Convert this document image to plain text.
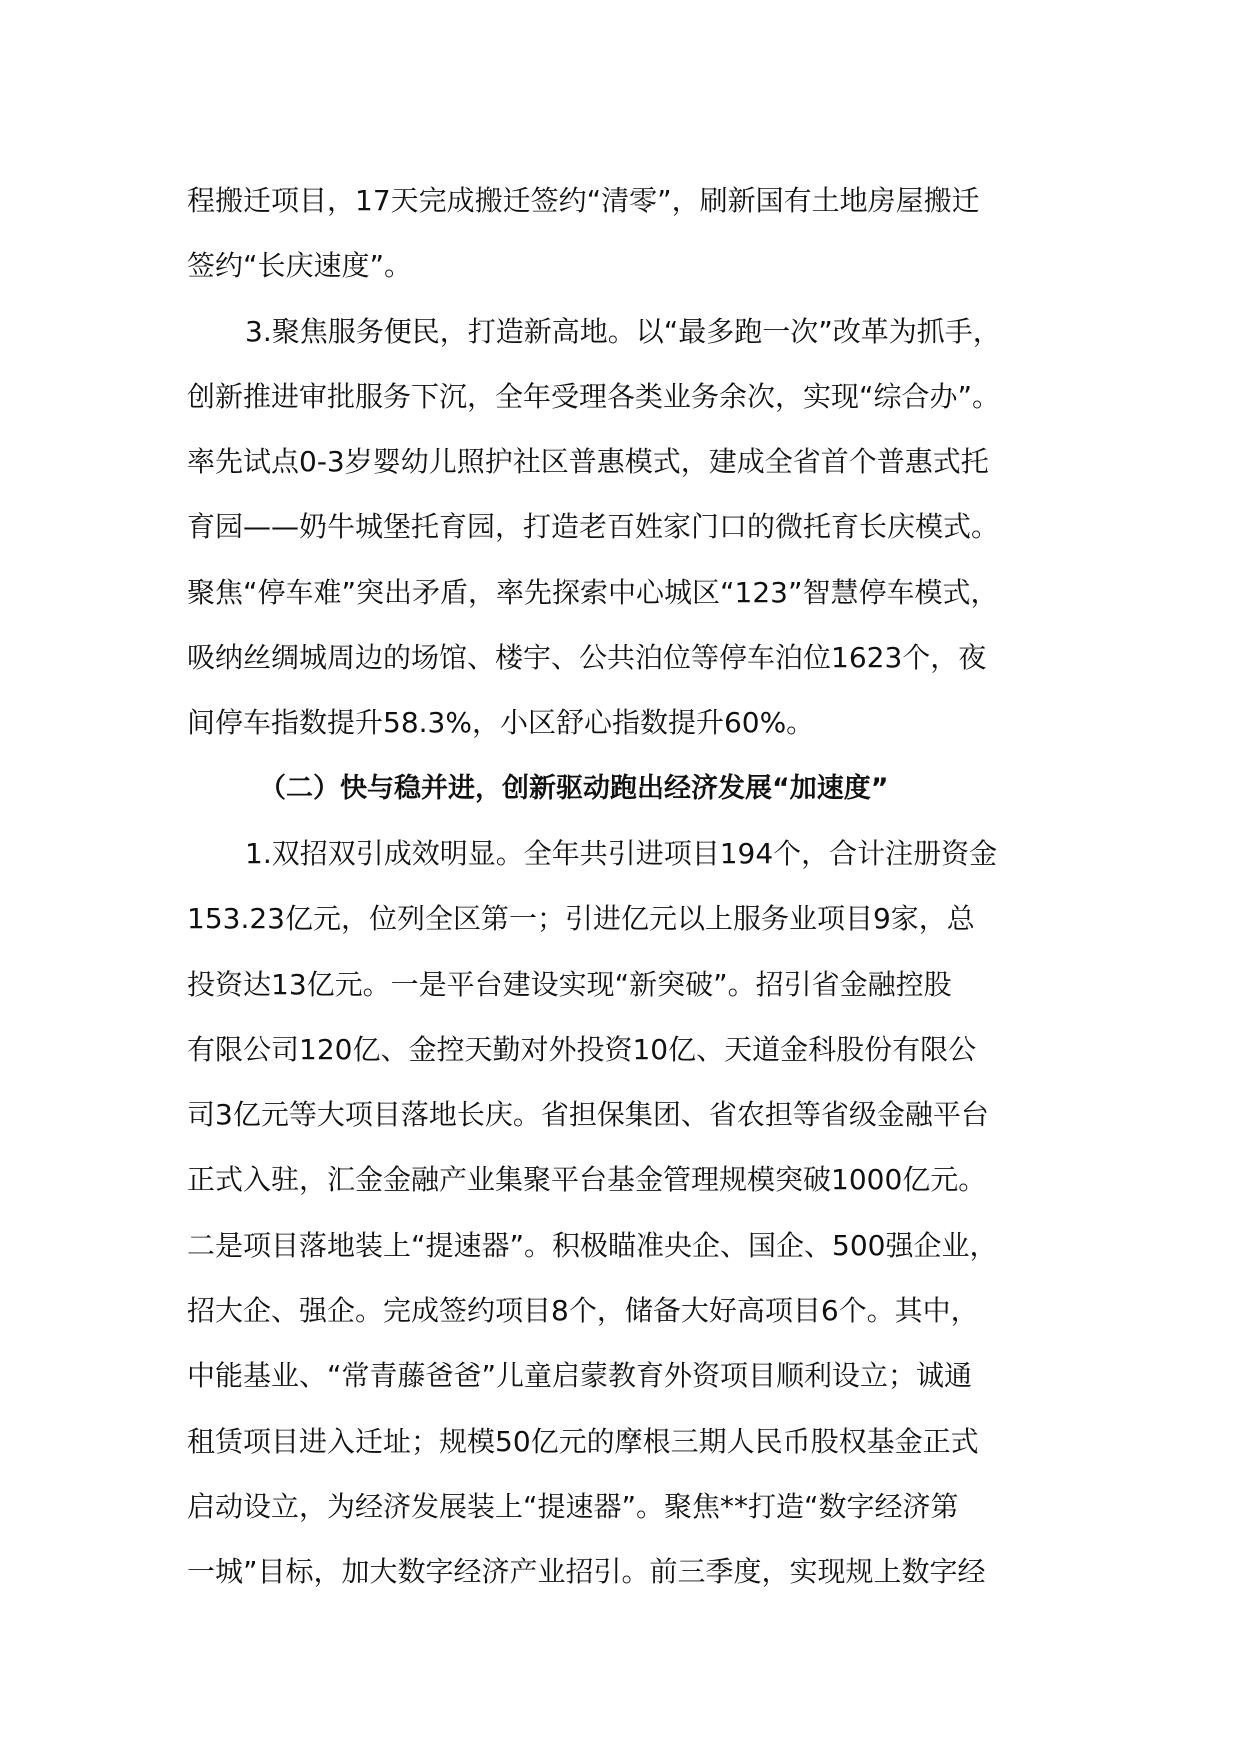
程搬迁项目，17天完成搬迁签约“清零”，刷新国有土地房屋搬迁
签约“长庆速度”。
3.聚焦服务便民，打造新高地。以“最多跑一次”改革为抓手，
创新推进审批服务下沉，全年受理各类业务余次，实现“综合办”。
率先试点0-3岁婴幼儿照护社区普惠模式，建成全省首个普惠式托
育园——奶牛城堡托育园，打造老百姓家门口的微托育长庆模式。
聚焦“停车难”突出矛盾，率先探索中心城区“123”智慧停车模式，
吸纳丝绸城周边的场馆、楼宇、公共泊位等停车泊位1623个，夜
间停车指数提升58.3%，小区舒心指数提升60%。
（二）快与稳并进，创新驱动跑出经济发展“加速度”
1.双招双引成效明显。全年共引进项目194个，合计注册资金
153.23亿元，位列全区第一；引进亿元以上服务业项目9家，总
投资达13亿元。一是平台建设实现“新突破”。招引省金融控股
有限公司120亿、金控天勤对外投资10亿、天道金科股份有限公
司3亿元等大项目落地长庆。省担保集团、省农担等省级金融平台
正式入驻，汇金金融产业集聚平台基金管理规模突破1000亿元。
二是项目落地装上“提速器”。积极瞄准央企、国企、500强企业，
招大企、强企。完成签约项目8个，储备大好高项目6个。其中，
中能基业、“常青藤爸爸”儿童启蒙教育外资项目顺利设立；诚通
租赁项目进入迁址；规模50亿元的摩根三期人民币股权基金正式
启动设立，为经济发展装上“提速器”。聚焦**打造“数字经济第
一城”目标，加大数字经济产业招引。前三季度，实现规上数字经
